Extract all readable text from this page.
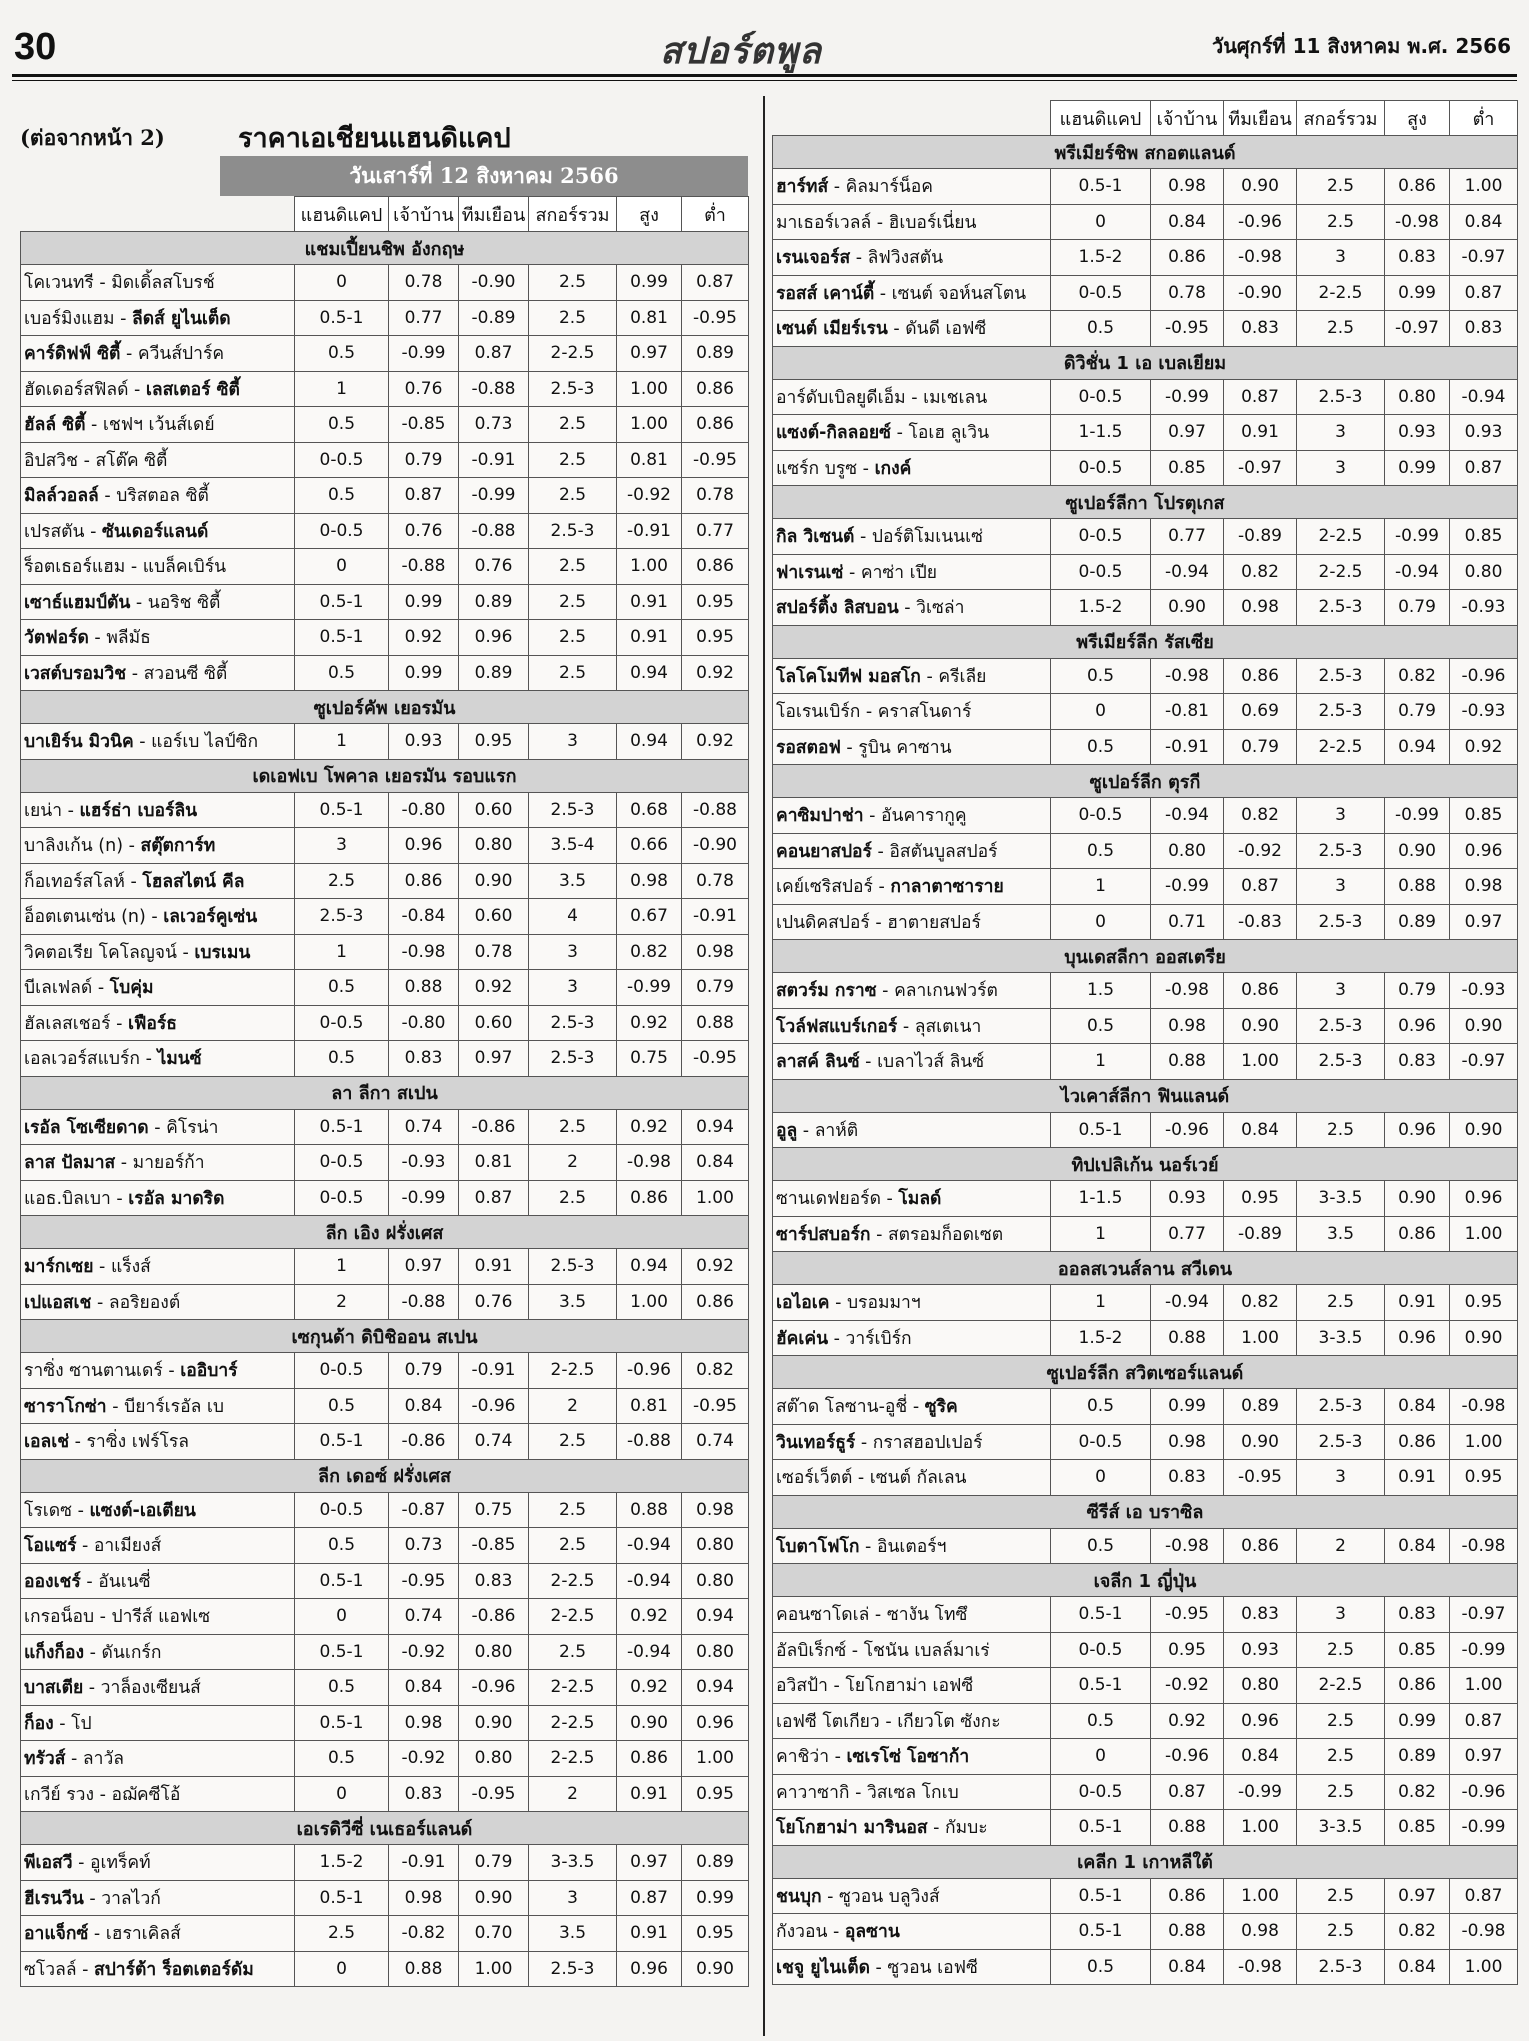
30	สปอร์ตพูล	วันศุกร์ที่ 11 สิงหาคม พ.ศ. 2566
(ต่อจากหน้า 2)	ราคาเอเชียนแฮนดิแคป
วันเสาร์ที่ 12 สิงหาคม 2566
	แฮนดิแคป	เจ้าบ้าน	ทีมเยือน	สกอร์รวม	สูง	ต่ำ
แชมเปี้ยนชิพ อังกฤษ						
โคเวนทรี - มิดเดิ้ลสโบรช์	0	0.78	-0.90	2.5	0.99	0.87
เบอร์มิงแฮม - ลีดส์ ยูไนเต็ด	0.5-1	0.77	-0.89	2.5	0.81	-0.95
คาร์ดิฟฟ์ ซิตี้ - ควีนส์ปาร์ค	0.5	-0.99	0.87	2-2.5	0.97	0.89
ฮัดเดอร์สฟิลด์ - เลสเตอร์ ซิตี้	1	0.76	-0.88	2.5-3	1.00	0.86
ฮัลล์ ซิตี้ - เชฟฯ เว้นส์เดย์	0.5	-0.85	0.73	2.5	1.00	0.86
อิปสวิช - สโต๊ค ซิตี้	0-0.5	0.79	-0.91	2.5	0.81	-0.95
มิลล์วอลล์ - บริสตอล ซิตี้	0.5	0.87	-0.99	2.5	-0.92	0.78
เปรสตัน - ซันเดอร์แลนด์	0-0.5	0.76	-0.88	2.5-3	-0.91	0.77
ร็อตเธอร์แฮม - แบล็คเบิร์น	0	-0.88	0.76	2.5	1.00	0.86
เซาธ์แฮมป์ตัน - นอริช ซิตี้	0.5-1	0.99	0.89	2.5	0.91	0.95
วัตฟอร์ด - พลีมัธ	0.5-1	0.92	0.96	2.5	0.91	0.95
เวสต์บรอมวิช - สวอนซี ซิตี้	0.5	0.99	0.89	2.5	0.94	0.92
ซูเปอร์คัพ เยอรมัน						
บาเยิร์น มิวนิค - แอร์เบ ไลป์ซิก	1	0.93	0.95	3	0.94	0.92
เดเอฟเบ โพคาล เยอรมัน รอบแรก						
เยน่า - แฮร์ธ่า เบอร์ลิน	0.5-1	-0.80	0.60	2.5-3	0.68	-0.88
บาลิงเก้น (n) - สตุ๊ตการ์ท	3	0.96	0.80	3.5-4	0.66	-0.90
ก็อเทอร์สโลห์ - โฮลสไตน์ คีล	2.5	0.86	0.90	3.5	0.98	0.78
อ็อตเตนเซ่น (n) - เลเวอร์คูเซ่น	2.5-3	-0.84	0.60	4	0.67	-0.91
วิคตอเรีย โคโลญจน์ - เบรเมน	1	-0.98	0.78	3	0.82	0.98
บีเลเฟลด์ - โบคุ่ม	0.5	0.88	0.92	3	-0.99	0.79
ฮัลเลสเชอร์ - เฟือร์ธ	0-0.5	-0.80	0.60	2.5-3	0.92	0.88
เอลเวอร์สแบร์ก - ไมนซ์	0.5	0.83	0.97	2.5-3	0.75	-0.95
ลา ลีกา สเปน						
เรอัล โซเซียดาด - คิโรน่า	0.5-1	0.74	-0.86	2.5	0.92	0.94
ลาส ปัลมาส - มายอร์ก้า	0-0.5	-0.93	0.81	2	-0.98	0.84
แอธ.บิลเบา - เรอัล มาดริด	0-0.5	-0.99	0.87	2.5	0.86	1.00
ลีก เอิง ฝรั่งเศส						
มาร์กเซย - แร็งส์	1	0.97	0.91	2.5-3	0.94	0.92
เปแอสเช - ลอริยองต์	2	-0.88	0.76	3.5	1.00	0.86
เซกุนด้า ดิบิชิออน สเปน						
ราซิ่ง ซานตานเดร์ - เออิบาร์	0-0.5	0.79	-0.91	2-2.5	-0.96	0.82
ซาราโกซ่า - บียาร์เรอัล เบ	0.5	0.84	-0.96	2	0.81	-0.95
เอลเช่ - ราซิ่ง เฟร์โรล	0.5-1	-0.86	0.74	2.5	-0.88	0.74
ลีก เดอซ์ ฝรั่งเศส						
โรเดซ - แซงต์-เอเตียน	0-0.5	-0.87	0.75	2.5	0.88	0.98
โอแซร์ - อาเมียงส์	0.5	0.73	-0.85	2.5	-0.94	0.80
อองเชร์ - อันเนซี่	0.5-1	-0.95	0.83	2-2.5	-0.94	0.80
เกรอน็อบ - ปารีส์ แอฟเซ	0	0.74	-0.86	2-2.5	0.92	0.94
แก็งก็อง - ดันเกร์ก	0.5-1	-0.92	0.80	2.5	-0.94	0.80
บาสเตีย - วาล็องเซียนส์	0.5	0.84	-0.96	2-2.5	0.92	0.94
ก็อง - โป	0.5-1	0.98	0.90	2-2.5	0.90	0.96
ทรัวส์ - ลาวัล	0.5	-0.92	0.80	2-2.5	0.86	1.00
เกวีย์ รวง - อฌัคซีโอ้	0	0.83	-0.95	2	0.91	0.95
เอเรดิวีซี่ เนเธอร์แลนด์						
พีเอสวี - อูเทร็คท์	1.5-2	-0.91	0.79	3-3.5	0.97	0.89
ฮีเรนวีน - วาลไวก์	0.5-1	0.98	0.90	3	0.87	0.99
อาแจ็กซ์ - เฮราเคิลส์	2.5	-0.82	0.70	3.5	0.91	0.95
ซโวลล์ - สปาร์ต้า ร็อตเตอร์ดัม	0	0.88	1.00	2.5-3	0.96	0.90
	แฮนดิแคป	เจ้าบ้าน	ทีมเยือน	สกอร์รวม	สูง	ต่ำ
พรีเมียร์ชิพ สกอตแลนด์						
ฮาร์ทส์ - คิลมาร์น็อค	0.5-1	0.98	0.90	2.5	0.86	1.00
มาเธอร์เวลล์ - ฮิเบอร์เนี่ยน	0	0.84	-0.96	2.5	-0.98	0.84
เรนเจอร์ส - ลิฟวิงสตัน	1.5-2	0.86	-0.98	3	0.83	-0.97
รอสส์ เคาน์ตี้ - เซนต์ จอห์นสโตน	0-0.5	0.78	-0.90	2-2.5	0.99	0.87
เซนต์ เมียร์เรน - ดันดี เอฟซี	0.5	-0.95	0.83	2.5	-0.97	0.83
ดิวิชั่น 1 เอ เบลเยียม						
อาร์ดับเบิลยูดีเอ็ม - เมเชเลน	0-0.5	-0.99	0.87	2.5-3	0.80	-0.94
แซงต์-กิลลอยซ์ - โอเฮ ลูเวิน	1-1.5	0.97	0.91	3	0.93	0.93
แซร์ก บรูซ - เกงค์	0-0.5	0.85	-0.97	3	0.99	0.87
ซูเปอร์ลีกา โปรตุเกส						
กิล วิเซนต์ - ปอร์ติโมเนนเซ่	0-0.5	0.77	-0.89	2-2.5	-0.99	0.85
ฟาเรนเซ่ - คาซ่า เปีย	0-0.5	-0.94	0.82	2-2.5	-0.94	0.80
สปอร์ติ้ง ลิสบอน - วิเซล่า	1.5-2	0.90	0.98	2.5-3	0.79	-0.93
พรีเมียร์ลีก รัสเซีย						
โลโคโมทีฟ มอสโก - ครีเลีย	0.5	-0.98	0.86	2.5-3	0.82	-0.96
โอเรนเบิร์ก - คราสโนดาร์	0	-0.81	0.69	2.5-3	0.79	-0.93
รอสตอฟ - รูบิน คาซาน	0.5	-0.91	0.79	2-2.5	0.94	0.92
ซูเปอร์ลีก ตุรกี						
คาซิมปาช่า - อันคารากูคู	0-0.5	-0.94	0.82	3	-0.99	0.85
คอนยาสปอร์ - อิสตันบูลสปอร์	0.5	0.80	-0.92	2.5-3	0.90	0.96
เคย์เซริสปอร์ - กาลาตาซาราย	1	-0.99	0.87	3	0.88	0.98
เปนดิคสปอร์ - ฮาตายสปอร์	0	0.71	-0.83	2.5-3	0.89	0.97
บุนเดสลีกา ออสเตรีย						
สตวร์ม กราซ - คลาเกนฟวร์ต	1.5	-0.98	0.86	3	0.79	-0.93
โวล์ฟสแบร์เกอร์ - ลุสเตเนา	0.5	0.98	0.90	2.5-3	0.96	0.90
ลาสค์ ลินซ์ - เบลาไวส์ ลินซ์	1	0.88	1.00	2.5-3	0.83	-0.97
ไวเคาส์ลีกา ฟินแลนด์						
อูลู - ลาห์ติ	0.5-1	-0.96	0.84	2.5	0.96	0.90
ทิปเปลิเก้น นอร์เวย์						
ซานเดฟยอร์ด - โมลด์	1-1.5	0.93	0.95	3-3.5	0.90	0.96
ซาร์ปสบอร์ก - สตรอมก็อดเซต	1	0.77	-0.89	3.5	0.86	1.00
ออลสเวนส์ลาน สวีเดน						
เอไอเค - บรอมมาฯ	1	-0.94	0.82	2.5	0.91	0.95
ฮัคเค่น - วาร์เบิร์ก	1.5-2	0.88	1.00	3-3.5	0.96	0.90
ซูเปอร์ลีก สวิตเซอร์แลนด์						
สต๊าด โลซาน-อูชี่ - ซูริค	0.5	0.99	0.89	2.5-3	0.84	-0.98
วินเทอร์ธูร์ - กราสฮอปเปอร์	0-0.5	0.98	0.90	2.5-3	0.86	1.00
เซอร์เว็ตต์ - เซนต์ กัลเลน	0	0.83	-0.95	3	0.91	0.95
ซีรีส์ เอ บราซิล						
โบตาโฟโก - อินเตอร์ฯ	0.5	-0.98	0.86	2	0.84	-0.98
เจลีก 1 ญี่ปุ่น						
คอนซาโดเล่ - ซางัน โทซึ	0.5-1	-0.95	0.83	3	0.83	-0.97
อัลบิเร็กซ์ - โชนัน เบลล์มาเร่	0-0.5	0.95	0.93	2.5	0.85	-0.99
อวิสป้า - โยโกฮาม่า เอฟซี	0.5-1	-0.92	0.80	2-2.5	0.86	1.00
เอฟซี โตเกียว - เกียวโต ซังกะ	0.5	0.92	0.96	2.5	0.99	0.87
คาชิว่า - เซเรโซ่ โอซาก้า	0	-0.96	0.84	2.5	0.89	0.97
คาวาซากิ - วิสเซล โกเบ	0-0.5	0.87	-0.99	2.5	0.82	-0.96
โยโกฮาม่า มารินอส - กัมบะ	0.5-1	0.88	1.00	3-3.5	0.85	-0.99
เคลีก 1 เกาหลีใต้						
ชนบุก - ซูวอน บลูวิงส์	0.5-1	0.86	1.00	2.5	0.97	0.87
กังวอน - อุลซาน	0.5-1	0.88	0.98	2.5	0.82	-0.98
เชจู ยูไนเต็ด - ซูวอน เอฟซี	0.5	0.84	-0.98	2.5-3	0.84	1.00
